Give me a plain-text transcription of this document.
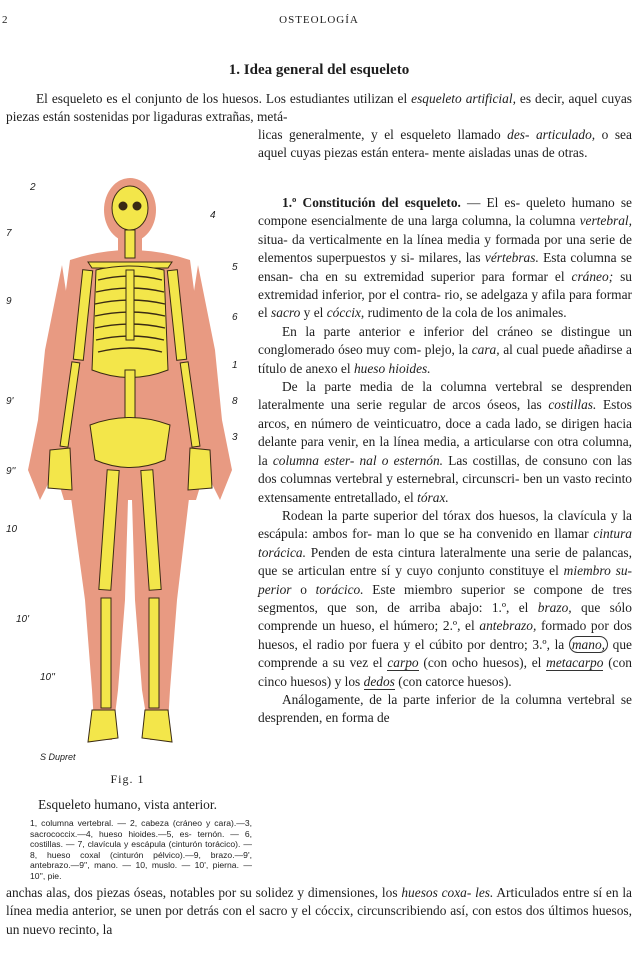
2	OSTEOLOGÍA
1. Idea general del esqueleto

El esqueleto es el conjunto de los huesos. Los estudiantes utilizan el esqueleto artificial, es decir, aquel cuyas piezas están sostenidas por ligaduras extrañas, metá-

licas generalmente, y el esqueleto llamado des- articulado, o sea aquel cuyas piezas están entera- mente aisladas unas de otras.

1.º Constitución del esqueleto. — El es- queleto humano se compone esencialmente de una larga columna, la columna vertebral, situa- da verticalmente en la línea media y formada por una serie de elementos superpuestos y si- milares, las vértebras. Esta columna se ensan- cha en su extremidad superior para formar el cráneo; su extremidad inferior, por el contra- rio, se adelgaza y afila para formar el sacro y el cóccix, rudimento de la cola de los animales.

En la parte anterior e inferior del cráneo se distingue un conglomerado óseo muy com- plejo, la cara, al cual puede añadirse a título de anexo el hueso hioides.

De la parte media de la columna vertebral se desprenden lateralmente una serie regular de arcos óseos, las costillas. Estos arcos, en número de veinticuatro, doce a cada lado, se dirigen hacia delante para venir, en la línea media, a articularse con otra columna, la columna ester- nal o esternón. Las costillas, de consuno con las dos columnas vertebral y esternebral, circunscri- ben un vasto recinto extensamente entretallado, el tórax.

Rodean la parte superior del tórax dos huesos, la clavícula y la escápula: ambos for- man lo que se ha convenido en llamar cintura torácica. Penden de esta cintura lateralmente una serie de palancas, que se articulan entre sí y cuyo conjunto constituye el miembro su- perior o torácico. Este miembro superior se compone de tres segmentos, que son, de arriba abajo: 1.º, el brazo, que sólo comprende un hueso, el húmero; 2.º, el antebrazo, formado por dos huesos, el radio por fuera y el cúbito por dentro; 3.º, la mano, que comprende a su vez el carpo (con ocho huesos), el metacarpo (con cinco huesos) y los dedos (con catorce huesos).

Análogamente, de la parte inferior de la columna vertebral se desprenden, en forma de

anchas alas, dos piezas óseas, notables por su solidez y dimensiones, los huesos coxa- les. Articulados entre sí en la línea media anterior, se unen por detrás con el sacro y el cóccix, circunscribiendo así, con estos dos últimos huesos, un nuevo recinto, la

2
4
7
5
9
6
1
9'	8
3
9''
10
10'
10''
S Dupret
Fig. 1
Esqueleto humano, vista anterior.
1, columna vertebral. — 2, cabeza (cráneo y cara).—3, sacrococcix.—4, hueso hioides.—5, es- ternón. — 6, costillas. — 7, clavícula y escápula (cinturón torácico). — 8, hueso coxal (cinturón pélvico).—9, brazo.—9', antebrazo.—9'', mano. — 10, muslo. — 10', pierna. — 10'', pie.
